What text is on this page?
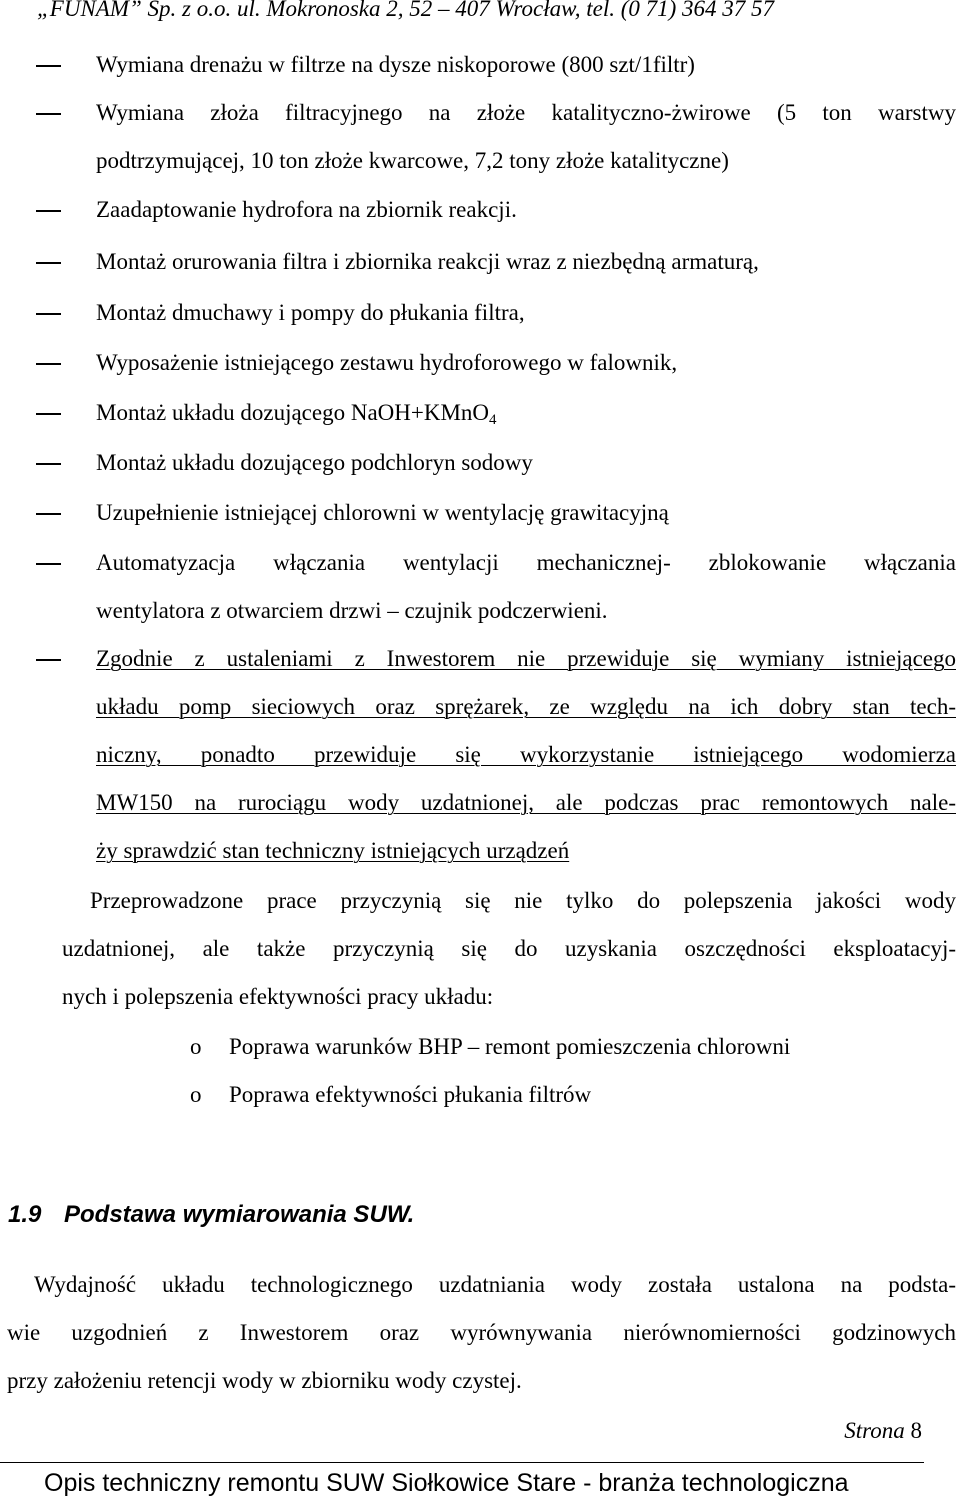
„FUNAM” Sp. z o.o. ul. Mokronoska 2, 52 – 407 Wrocław, tel. (0 71) 364 37 57
Wymiana drenażu w filtrze na dysze niskoporowe (800 szt/1filtr)
Wymiana złoża filtracyjnego na złoże katalityczno-żwirowe (5 ton warstwy
podtrzymującej, 10 ton złoże kwarcowe, 7,2 tony złoże katalityczne)
Zaadaptowanie hydrofora na zbiornik reakcji.
Montaż orurowania filtra i zbiornika reakcji wraz z niezbędną armaturą,
Montaż dmuchawy i pompy do płukania filtra,
Wyposażenie istniejącego zestawu hydroforowego w falownik,
Montaż układu dozującego NaOH+KMnO$_4$
Montaż układu dozującego podchloryn sodowy
Uzupełnienie istniejącej chlorowni w wentylację grawitacyjną
Automatyzacja włączania wentylacji mechanicznej- zblokowanie włączania
wentylatora z otwarciem drzwi – czujnik podczerwieni.
Zgodnie z ustaleniami z Inwestorem nie przewiduje się wymiany istniejącego
układu pomp sieciowych oraz sprężarek, ze względu na ich dobry stan tech-
niczny, ponadto przewiduje się wykorzystanie istniejącego wodomierza
MW150 na rurociągu wody uzdatnionej, ale podczas prac remontowych nale-
ży sprawdzić stan techniczny istniejących urządzeń
Przeprowadzone prace przyczynią się nie tylko do polepszenia jakości wody
uzdatnionej, ale także przyczynią się do uzyskania oszczędności eksploatacyj-
nych i polepszenia efektywności pracy układu:
o Poprawa warunków BHP – remont pomieszczenia chlorowni
o Poprawa efektywności płukania filtrów
1.9 Podstawa wymiarowania SUW.
Wydajność układu technologicznego uzdatniania wody została ustalona na podsta-
wie uzgodnień z Inwestorem oraz wyrównywania nierównomierności godzinowych
przy założeniu retencji wody w zbiorniku wody czystej.
Strona 8
Opis techniczny remontu SUW Siołkowice Stare - branża technologiczna
